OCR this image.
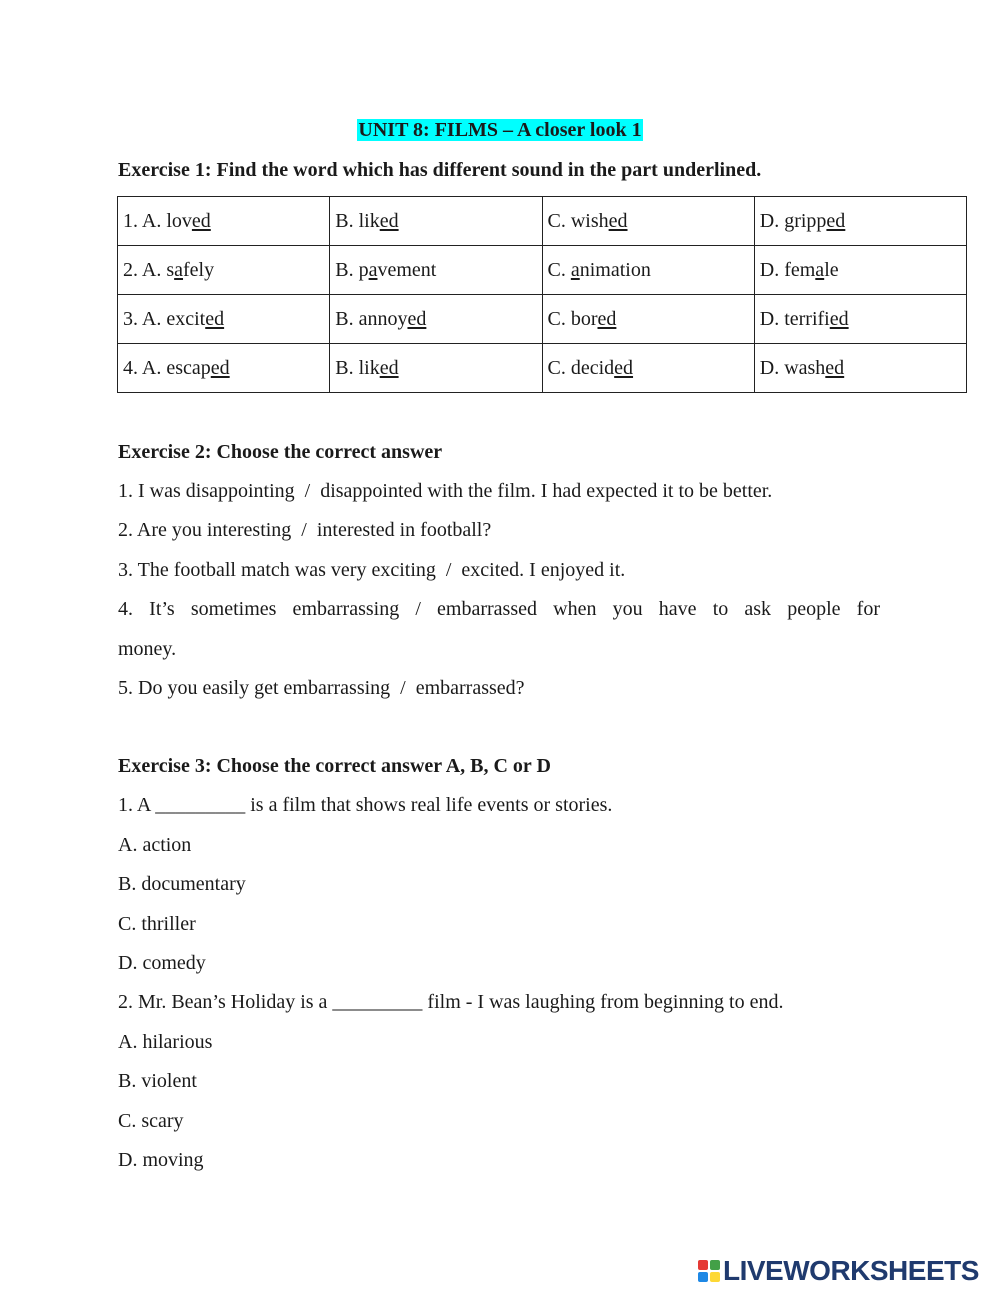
UNIT 8: FILMS – A closer look 1
Exercise 1: Find the word which has different sound in the part underlined.
1. A. loved	B. liked	C. wished	D. gripped
2. A. safely	B. pavement	C. animation	D. female
3. A. excited	B. annoyed	C. bored	D. terrified
4. A. escaped	B. liked	C. decided	D. washed
Exercise 2: Choose the correct answer
1. I was disappointing  /  disappointed with the film. I had expected it to be better.
2. Are you interesting  /  interested in football?
3. The football match was very exciting  /  excited. I enjoyed it.
4. It’s sometimes embarrassing / embarrassed when you have to ask people for
money.
5. Do you easily get embarrassing  /  embarrassed?
Exercise 3: Choose the correct answer A, B, C or D
1. A _________ is a film that shows real life events or stories.
A. action
B. documentary
C. thriller
D. comedy
2. Mr. Bean’s Holiday is a _________ film - I was laughing from beginning to end.
A. hilarious
B. violent
C. scary
D. moving
LIVEWORKSHEETS
